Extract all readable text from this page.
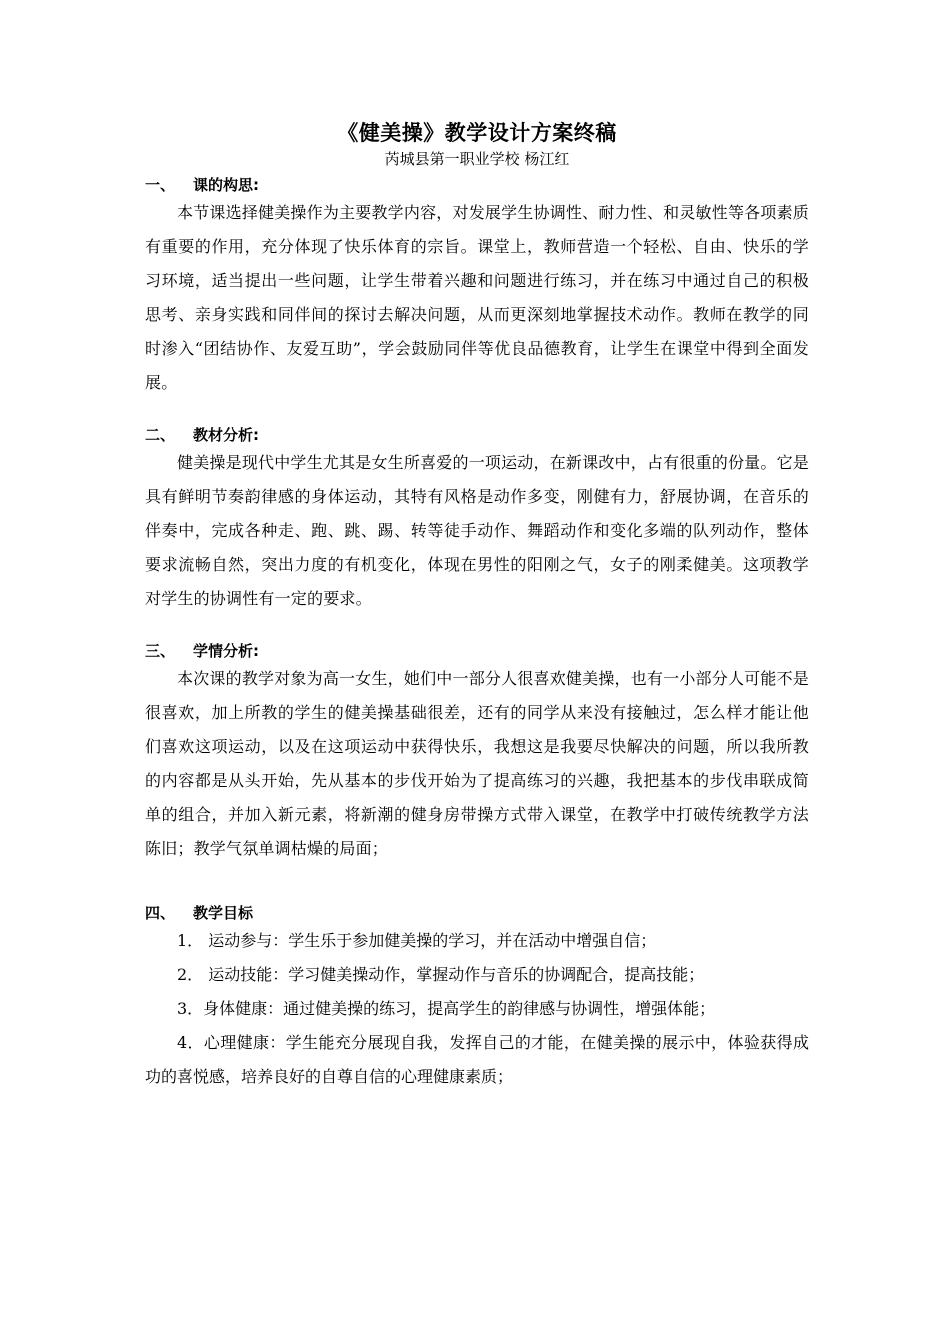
《健美操》教学设计方案终稿

芮城县第一职业学校 杨江红

一、 课的构思:

本节课选择健美操作为主要教学内容，对发展学生协调性、耐力性、和灵敏性等各项素质有重要的作用，充分体现了快乐体育的宗旨。课堂上，教师营造一个轻松、自由、快乐的学习环境，适当提出一些问题，让学生带着兴趣和问题进行练习，并在练习中通过自己的积极思考、亲身实践和同伴间的探讨去解决问题，从而更深刻地掌握技术动作。教师在教学的同时渗入“团结协作、友爱互助”，学会鼓励同伴等优良品德教育，让学生在课堂中得到全面发展。

二、 教材分析:

健美操是现代中学生尤其是女生所喜爱的一项运动，在新课改中，占有很重的份量。它是具有鲜明节奏韵律感的身体运动，其特有风格是动作多变，刚健有力，舒展协调，在音乐的伴奏中，完成各种走、跑、跳、踢、转等徒手动作、舞蹈动作和变化多端的队列动作，整体要求流畅自然，突出力度的有机变化，体现在男性的阳刚之气，女子的刚柔健美。这项教学对学生的协调性有一定的要求。

三、 学情分析:

本次课的教学对象为高一女生，她们中一部分人很喜欢健美操，也有一小部分人可能不是很喜欢，加上所教的学生的健美操基础很差，还有的同学从来没有接触过，怎么样才能让他们喜欢这项运动，以及在这项运动中获得快乐，我想这是我要尽快解决的问题，所以我所教的内容都是从头开始，先从基本的步伐开始为了提高练习的兴趣，我把基本的步伐串联成简单的组合，并加入新元素，将新潮的健身房带操方式带入课堂，在教学中打破传统教学方法陈旧；教学气氛单调枯燥的局面；

四、 教学目标

1． 运动参与：学生乐于参加健美操的学习，并在活动中增强自信；

2． 运动技能：学习健美操动作，掌握动作与音乐的协调配合，提高技能；

3．身体健康：通过健美操的练习，提高学生的韵律感与协调性，增强体能；

4．心理健康：学生能充分展现自我，发挥自己的才能，在健美操的展示中，体验获得成功的喜悦感，培养良好的自尊自信的心理健康素质；
